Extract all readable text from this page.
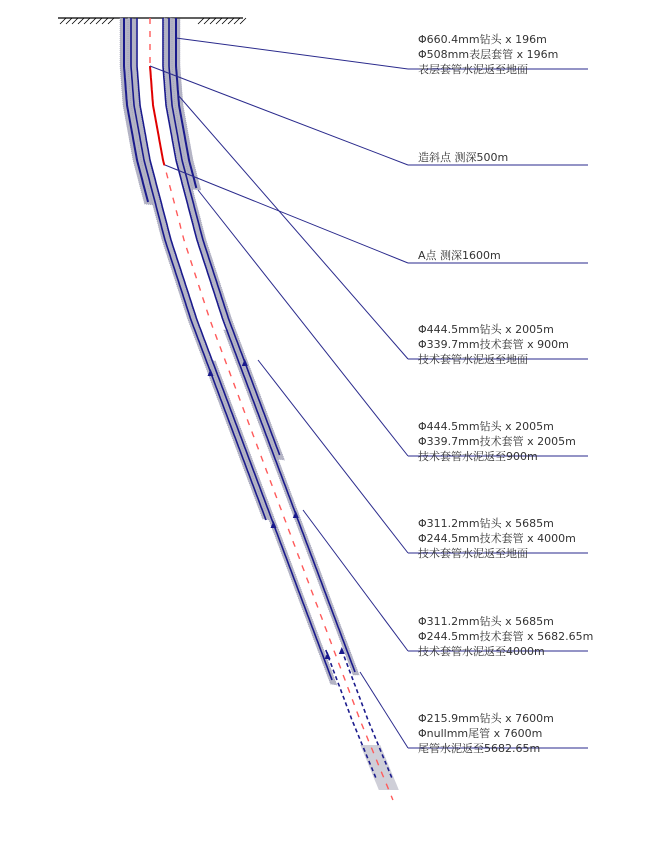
Φ660.4mm钻头 x 196m
Φ508mm表层套管 x 196m
表层套管水泥返至地面
造斜点 测深500m
A点 测深1600m
Φ444.5mm钻头 x 2005m
Φ339.7mm技术套管 x 900m
技术套管水泥返至地面
Φ444.5mm钻头 x 2005m
Φ339.7mm技术套管 x 2005m
技术套管水泥返至900m
Φ311.2mm钻头 x 5685m
Φ244.5mm技术套管 x 4000m
技术套管水泥返至地面
Φ311.2mm钻头 x 5685m
Φ244.5mm技术套管 x 5682.65m
技术套管水泥返至4000m
Φ215.9mm钻头 x 7600m
Φnullmm尾管 x 7600m
尾管水泥返至5682.65m
